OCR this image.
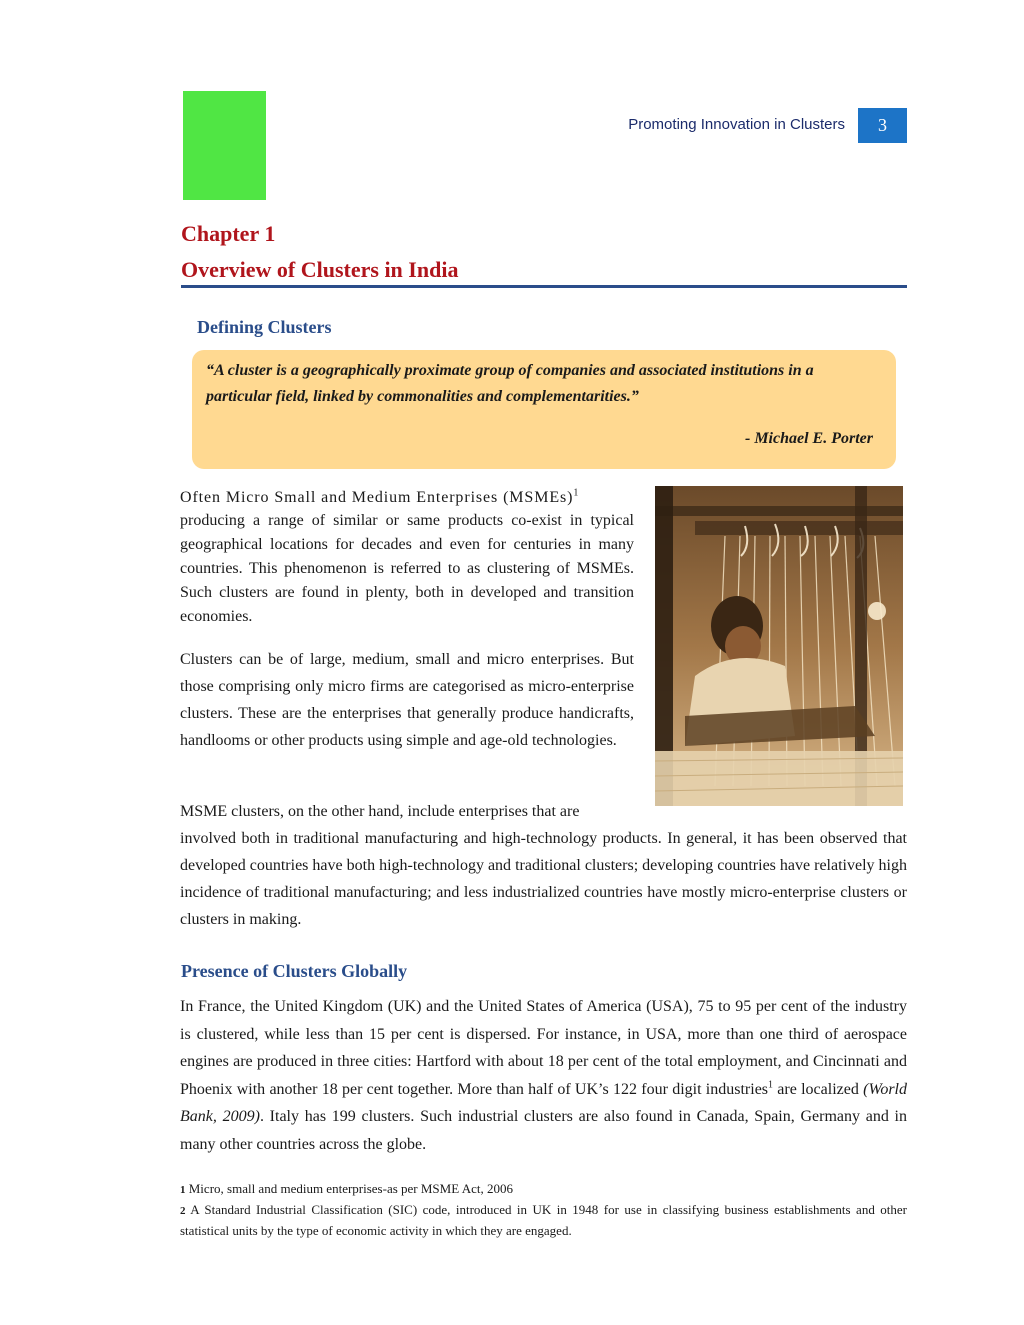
Promoting Innovation in Clusters	3
Chapter 1
Overview of Clusters in India
Defining Clusters
“A cluster is a geographically proximate group of companies and associated institutions in a particular field, linked by commonalities and complementarities.”
- Michael E. Porter

Often Micro Small and Medium Enterprises (MSMEs)$^1$

producing a range of similar or same products co-exist in typical geographical locations for decades and even for centuries in many countries. This phenomenon is referred to as clustering of MSMEs. Such clusters are found in plenty, both in developed and transition economies.

Clusters can be of large, medium, small and micro enterprises. But those comprising only micro firms are categorised as micro-enterprise clusters. These are the enterprises that generally produce handicrafts, handlooms or other products using simple and age-old technologies.

MSME clusters, on the other hand, include enterprises that are

involved both in traditional manufacturing and high-technology products. In general, it has been observed that developed countries have both high-technology and traditional clusters; developing countries have relatively high incidence of traditional manufacturing; and less industrialized countries have mostly micro-enterprise clusters or clusters in making.

Presence of Clusters Globally

In France, the United Kingdom (UK) and the United States of America (USA), 75 to 95 per cent of the industry is clustered, while less than 15 per cent is dispersed. For instance, in USA, more than one third of aerospace engines are produced in three cities: Hartford with about 18 per cent of the total employment, and Cincinnati and Phoenix with another 18 per cent together. More than half of UK’s 122 four digit industries$^1$ are localized (World Bank, 2009). Italy has 199 clusters. Such industrial clusters are also found in Canada, Spain, Germany and in many other countries across the globe.

1 Micro, small and medium enterprises-as per MSME Act, 2006

2 A Standard Industrial Classification (SIC) code, introduced in UK in 1948 for use in classifying business establishments and other statistical units by the type of economic activity in which they are engaged.
